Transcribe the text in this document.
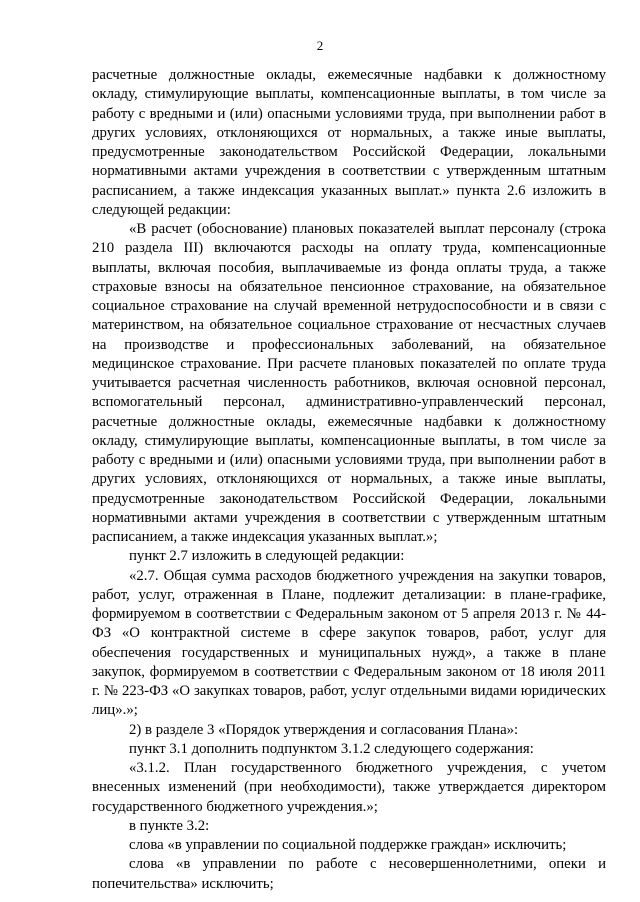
2

расчетные должностные оклады, ежемесячные надбавки к должностному окладу, стимулирующие выплаты, компенсационные выплаты, в том числе за работу с вредными и (или) опасными условиями труда, при выполнении работ в других условиях, отклоняющихся от нормальных, а также иные выплаты, предусмотренные законодательством Российской Федерации, локальными нормативными актами учреждения в соответствии с утвержденным штатным расписанием, а также индексация указанных выплат.» пункта 2.6 изложить в следующей редакции:

«В расчет (обоснование) плановых показателей выплат персоналу (строка 210 раздела III) включаются расходы на оплату труда, компенсационные выплаты, включая пособия, выплачиваемые из фонда оплаты труда, а также страховые взносы на обязательное пенсионное страхование, на обязательное социальное страхование на случай временной нетрудоспособности и в связи с материнством, на обязательное социальное страхование от несчастных случаев на производстве и профессиональных заболеваний, на обязательное медицинское страхование. При расчете плановых показателей по оплате труда учитывается расчетная численность работников, включая основной персонал, вспомогательный персонал, административно-управленческий персонал, расчетные должностные оклады, ежемесячные надбавки к должностному окладу, стимулирующие выплаты, компенсационные выплаты, в том числе за работу с вредными и (или) опасными условиями труда, при выполнении работ в других условиях, отклоняющихся от нормальных, а также иные выплаты, предусмотренные законодательством Российской Федерации, локальными нормативными актами учреждения в соответствии с утвержденным штатным расписанием, а также индексация указанных выплат.»;

пункт 2.7 изложить в следующей редакции:

«2.7. Общая сумма расходов бюджетного учреждения на закупки товаров, работ, услуг, отраженная в Плане, подлежит детализации: в плане-графике, формируемом в соответствии с Федеральным законом от 5 апреля 2013 г. № 44-ФЗ «О контрактной системе в сфере закупок товаров, работ, услуг для обеспечения государственных и муниципальных нужд», а также в плане закупок, формируемом в соответствии с Федеральным законом от 18 июля 2011 г. № 223-ФЗ «О закупках товаров, работ, услуг отдельными видами юридических лиц».»;

2) в разделе 3 «Порядок утверждения и согласования Плана»:

пункт 3.1 дополнить подпунктом 3.1.2 следующего содержания:

«3.1.2. План государственного бюджетного учреждения, с учетом внесенных изменений (при необходимости), также утверждается директором государственного бюджетного учреждения.»;

в пункте 3.2:

слова «в управлении по социальной поддержке граждан» исключить;

слова «в управлении по работе с несовершеннолетними, опеки и попечительства» исключить;
